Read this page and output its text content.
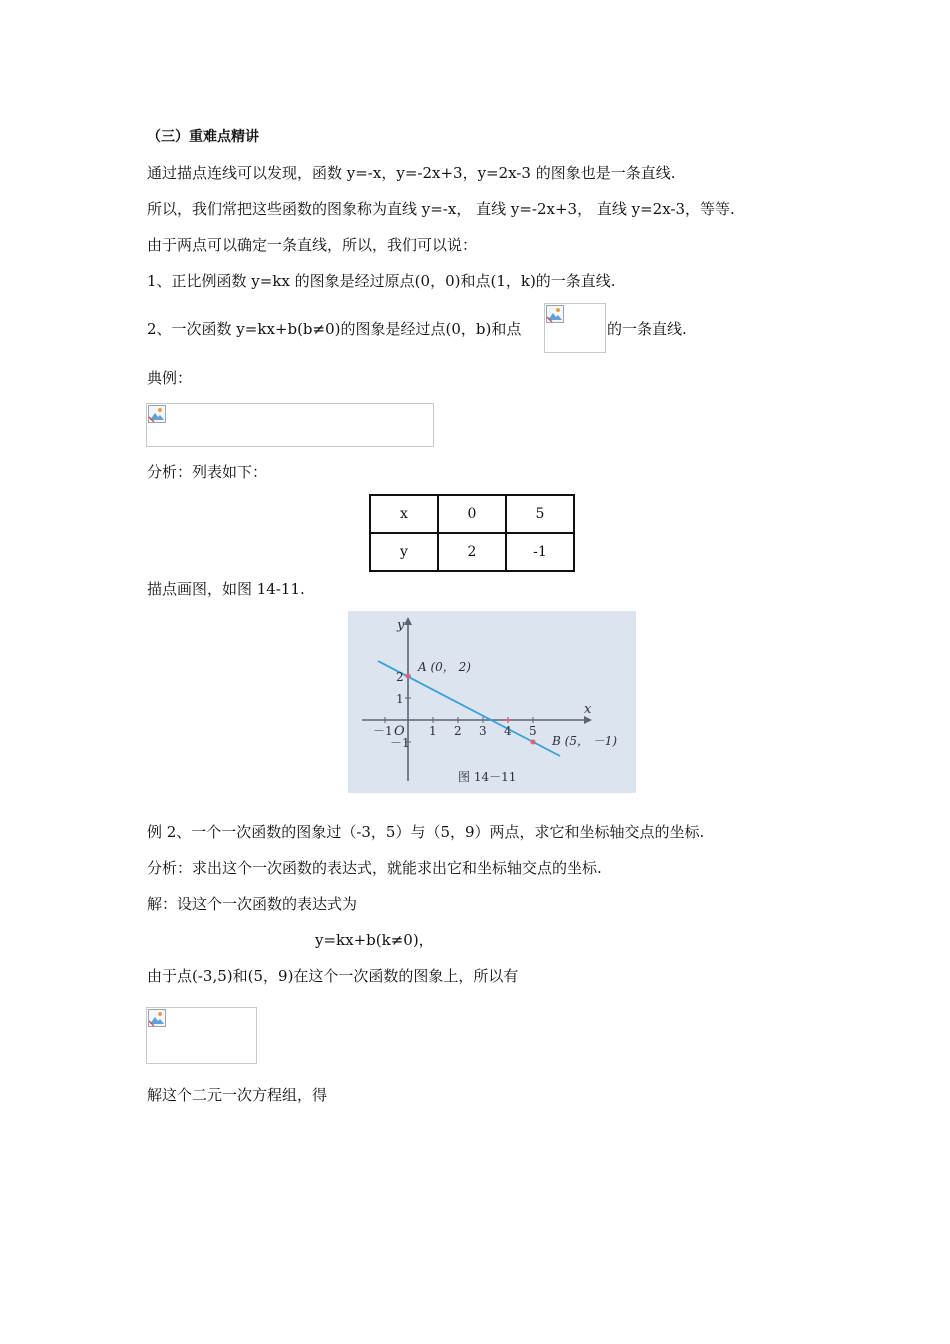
（三）重难点精讲
通过描点连线可以发现，函数 y=-x，y=-2x+3，y=2x-3 的图象也是一条直线.
所以，我们常把这些函数的图象称为直线 y=-x， 直线 y=-2x+3， 直线 y=2x-3，等等.
由于两点可以确定一条直线，所以，我们可以说：
1、正比例函数 y=kx 的图象是经过原点(0，0)和点(1，k)的一条直线.
2、一次函数 y=kx+b(b≠0)的图象是经过点(0，b)和点	的一条直线.
典例：
分析：列表如下：
x	0	5
y	2	-1
描点画图，如图 14-11.
y
x
O
－1	1 2 3 4 5
2
1
－1
A (0， 2)
B (5， －1)
图 14－11
例 2、一个一次函数的图象过（-3，5）与（5，9）两点，求它和坐标轴交点的坐标.
分析：求出这个一次函数的表达式，就能求出它和坐标轴交点的坐标.
解：设这个一次函数的表达式为
y=kx+b(k≠0)，
由于点(-3,5)和(5，9)在这个一次函数的图象上，所以有
解这个二元一次方程组，得
